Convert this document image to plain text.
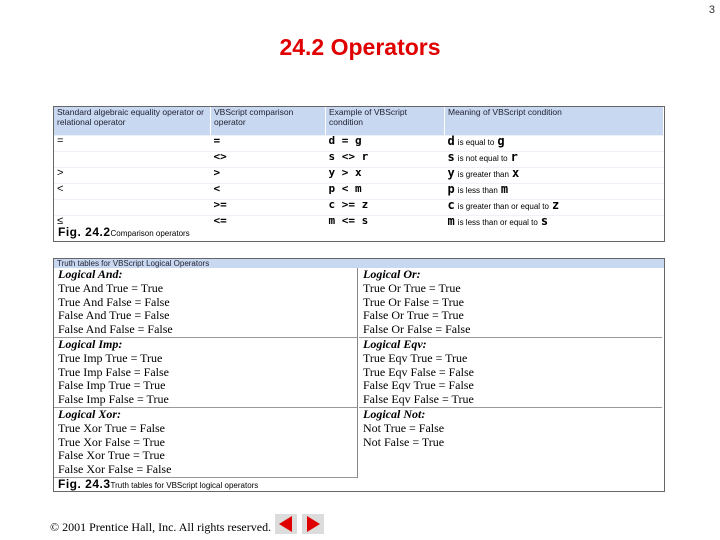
3
24.2 Operators
Standard algebraic equality operator or relational operator	VBScript comparison operator	Example of VBScript condition	Meaning of VBScript condition
=	=	d = g	d is equal to g
	<>	s <> r	s is not equal to r
>	>	y > x	y is greater than x
<	<	p < m	p is less than m
	>=	c >= z	c is greater than or equal to z
≤	<=	m <= s	m is less than or equal to s
Fig. 24.2Comparison operators
Truth tables for VBScript Logical Operators
Logical And:
True And True = True
True And False = False
False And True = False
False And False = False
Logical Imp:
True Imp True = True
True Imp False = False
False Imp True = True
False Imp False = True
Logical Xor:
True Xor True = False
True Xor False = True
False Xor True = True
False Xor False = False
Logical Or:
True Or True = True
True Or False = True
False Or True = True
False Or False = False
Logical Eqv:
True Eqv True = True
True Eqv False = False
False Eqv True = False
False Eqv False = True
Logical Not:
Not True = False
Not False = True
Fig. 24.3Truth tables for VBScript logical operators
© 2001 Prentice Hall, Inc. All rights reserved.
